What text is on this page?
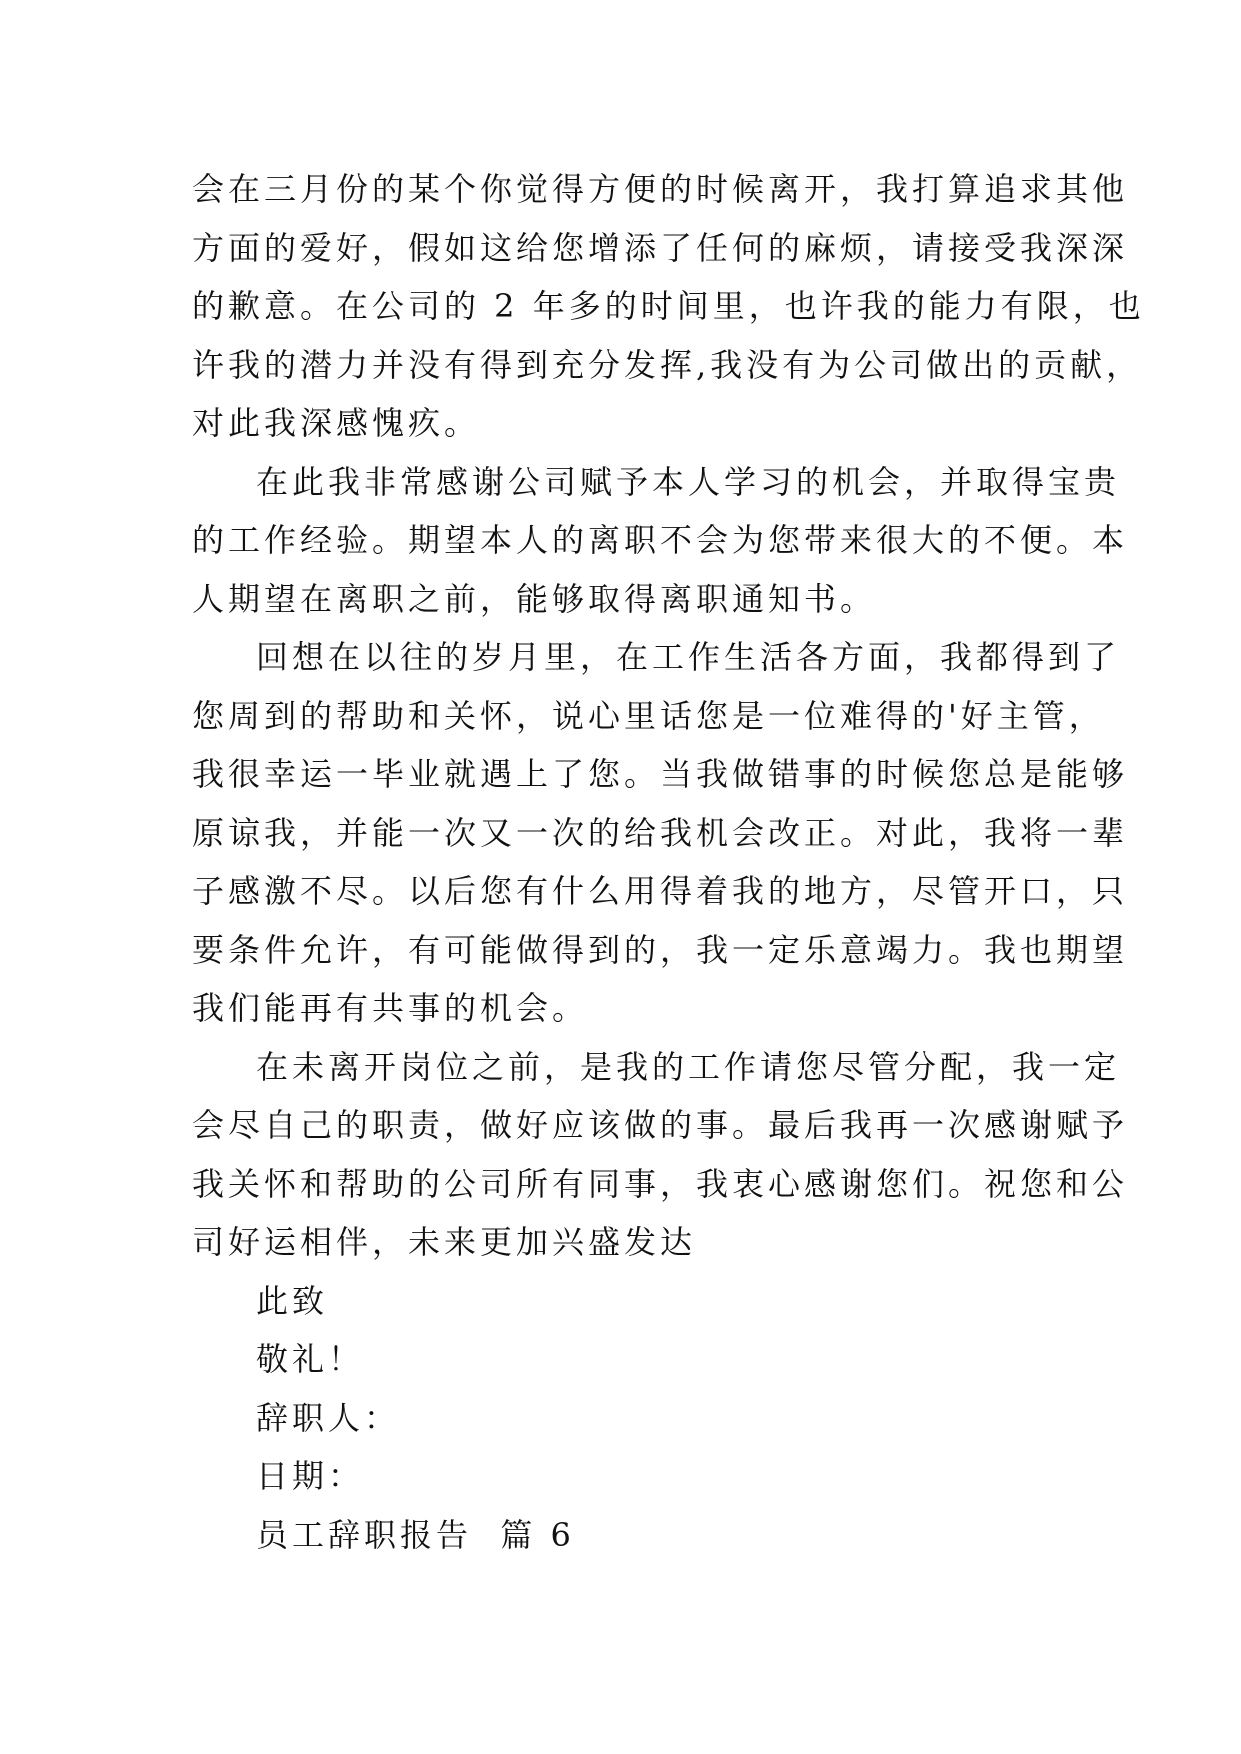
会在三月份的某个你觉得方便的时候离开，我打算追求其他
方面的爱好，假如这给您增添了任何的麻烦，请接受我深深
的歉意。在公司的 2 年多的时间里，也许我的能力有限，也
许我的潜力并没有得到充分发挥,我没有为公司做出的贡献，
对此我深感愧疚。
在此我非常感谢公司赋予本人学习的机会，并取得宝贵
的工作经验。期望本人的离职不会为您带来很大的不便。本
人期望在离职之前，能够取得离职通知书。
回想在以往的岁月里，在工作生活各方面，我都得到了
您周到的帮助和关怀，说心里话您是一位难得的'好主管，
我很幸运一毕业就遇上了您。当我做错事的时候您总是能够
原谅我，并能一次又一次的给我机会改正。对此，我将一辈
子感激不尽。以后您有什么用得着我的地方，尽管开口，只
要条件允许，有可能做得到的，我一定乐意竭力。我也期望
我们能再有共事的机会。
在未离开岗位之前，是我的工作请您尽管分配，我一定
会尽自己的职责，做好应该做的事。最后我再一次感谢赋予
我关怀和帮助的公司所有同事，我衷心感谢您们。祝您和公
司好运相伴，未来更加兴盛发达
此致
敬礼！
辞职人：
日期：
员工辞职报告  篇 6
